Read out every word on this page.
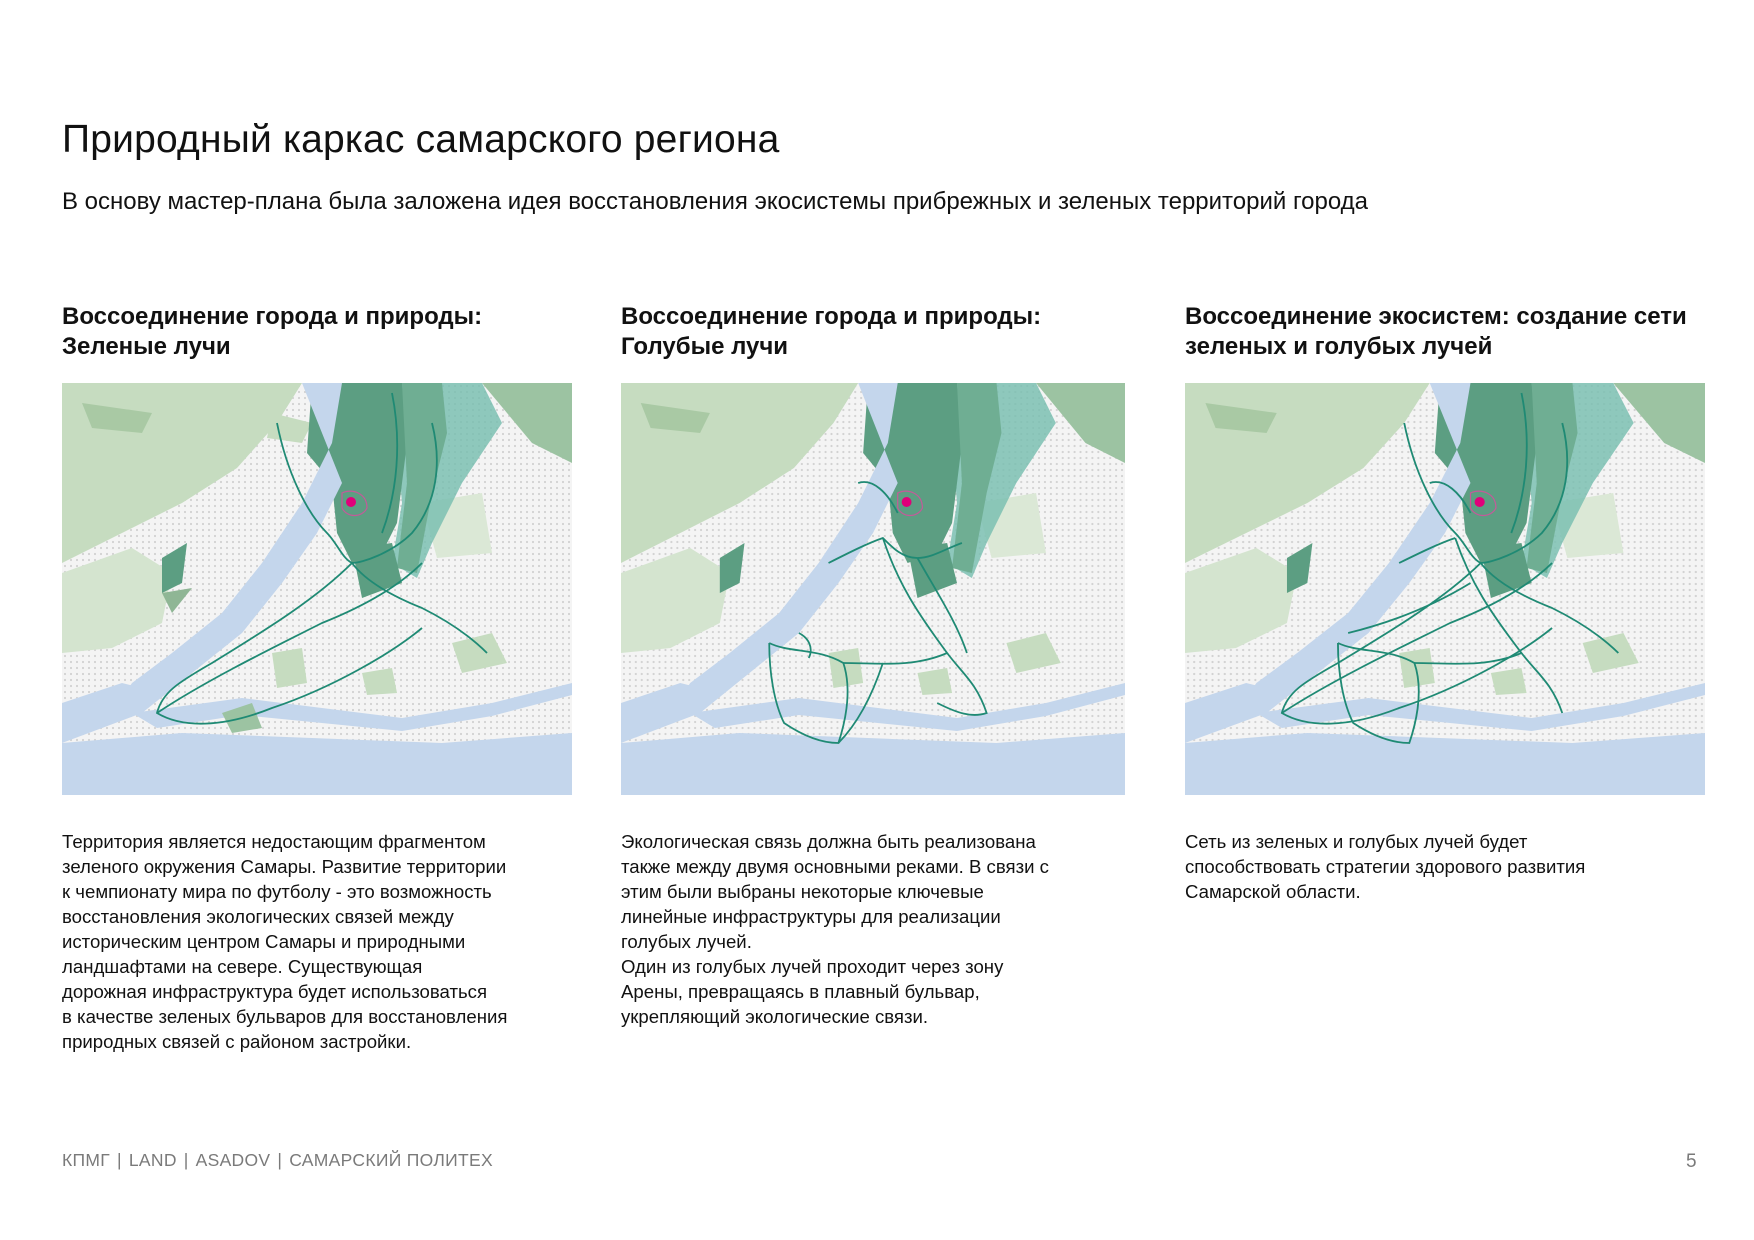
Природный каркас самарского региона
В основу мастер-плана была заложена идея восстановления экосистемы прибрежных и зеленых территорий города
Воссоединение города и природы:
Зеленые лучи
Территория является недостающим фрагментом
зеленого окружения Самары. Развитие территории
к чемпионату мира по футболу - это возможность
восстановления экологических связей между
историческим центром Самары и природными
ландшафтами на севере. Существующая
дорожная инфраструктура будет использоваться
в качестве зеленых бульваров для восстановления
природных связей с районом застройки.
Воссоединение города и природы:
Голубые лучи
Экологическая связь должна быть реализована
также между двумя основными реками. В связи с
этим были выбраны некоторые ключевые
линейные инфраструктуры для реализации
голубых лучей.
Один из голубых лучей проходит через зону
Арены, превращаясь в плавный бульвар,
укрепляющий экологические связи.
Воссоединение экосистем: создание сети
зеленых и голубых лучей
Сеть из зеленых и голубых лучей будет
способствовать стратегии здорового развития
Самарской области.
КПМГ | LAND | ASADOV | САМАРСКИЙ ПОЛИТЕХ	5
